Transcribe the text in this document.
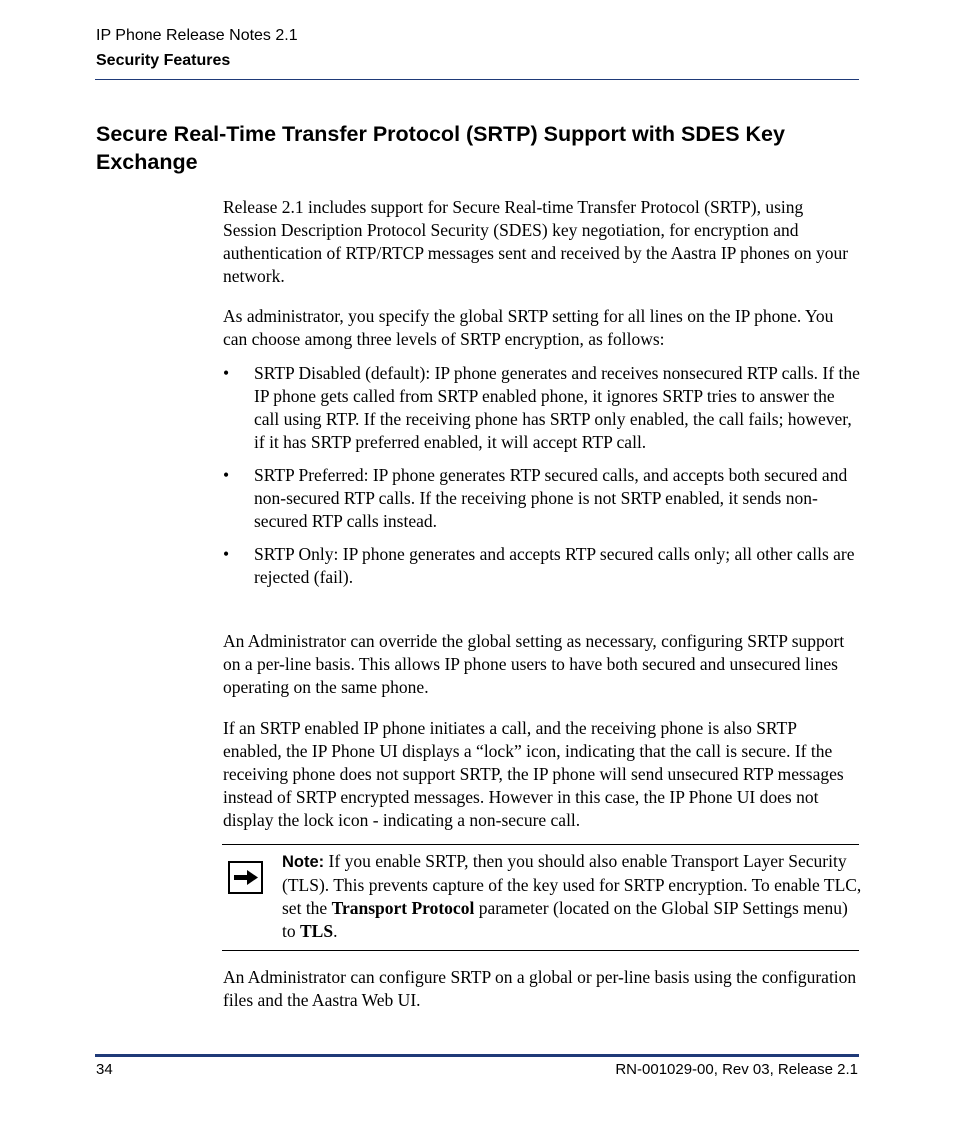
IP Phone Release Notes 2.1
Security Features
Secure Real-Time Transfer Protocol (SRTP) Support with SDES Key Exchange

Release 2.1 includes support for Secure Real-time Transfer Protocol (SRTP), using Session Description Protocol Security (SDES) key negotiation, for encryption and authentication of RTP/RTCP messages sent and received by the Aastra IP phones on your network.

As administrator, you specify the global SRTP setting for all lines on the IP phone. You can choose among three levels of SRTP encryption, as follows:

• SRTP Disabled (default): IP phone generates and receives nonsecured RTP calls. If the IP phone gets called from SRTP enabled phone, it ignores SRTP tries to answer the call using RTP. If the receiving phone has SRTP only enabled, the call fails; however, if it has SRTP preferred enabled, it will accept RTP call.
• SRTP Preferred: IP phone generates RTP secured calls, and accepts both secured and non-secured RTP calls. If the receiving phone is not SRTP enabled, it sends non-secured RTP calls instead.
• SRTP Only: IP phone generates and accepts RTP secured calls only; all other calls are rejected (fail).

An Administrator can override the global setting as necessary, configuring SRTP support on a per-line basis. This allows IP phone users to have both secured and unsecured lines operating on the same phone.

If an SRTP enabled IP phone initiates a call, and the receiving phone is also SRTP enabled, the IP Phone UI displays a “lock” icon, indicating that the call is secure. If the receiving phone does not support SRTP, the IP phone will send unsecured RTP messages instead of SRTP encrypted messages. However in this case, the IP Phone UI does not display the lock icon - indicating a non-secure call.

Note: If you enable SRTP, then you should also enable Transport Layer Security (TLS). This prevents capture of the key used for SRTP encryption. To enable TLC, set the Transport Protocol parameter (located on the Global SIP Settings menu) to TLS.

An Administrator can configure SRTP on a global or per-line basis using the configuration files and the Aastra Web UI.

34	RN-001029-00, Rev 03, Release 2.1
